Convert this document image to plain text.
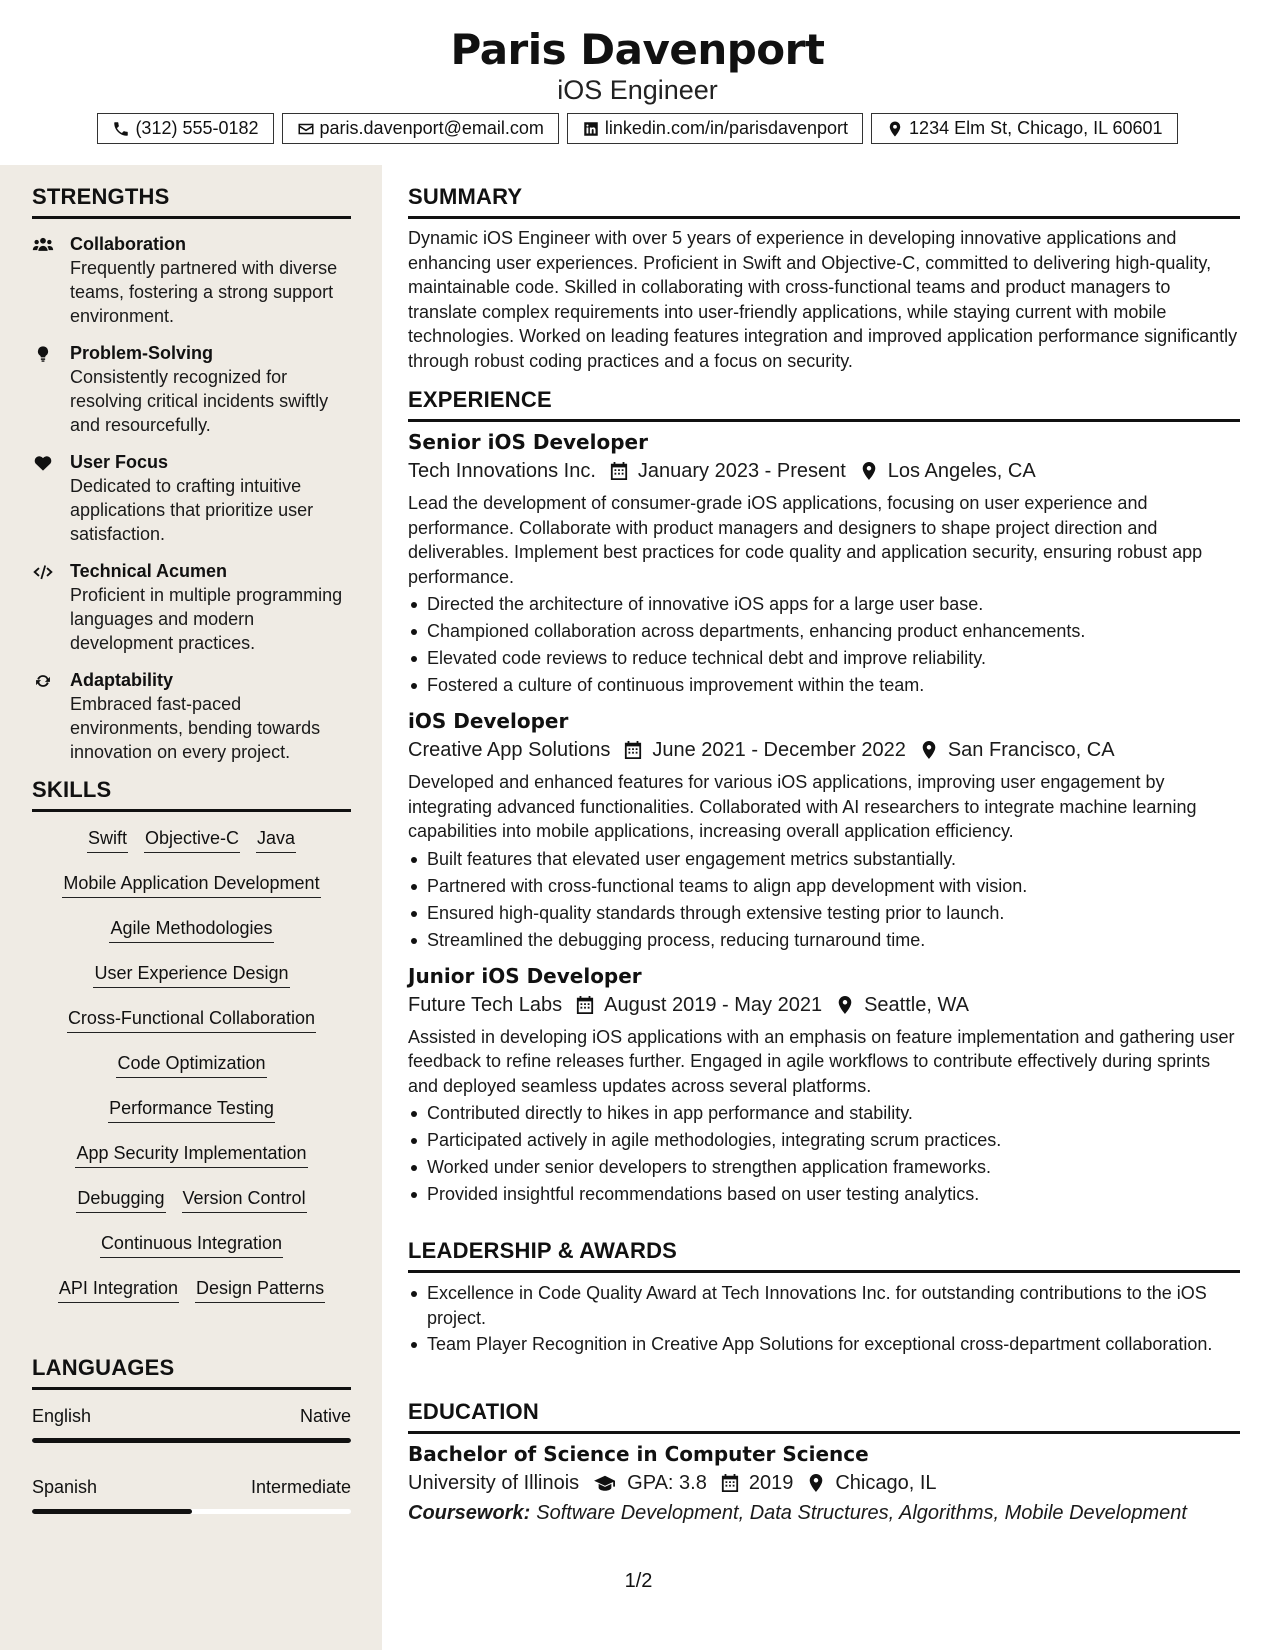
Paris Davenport
iOS Engineer
(312) 555-0182	paris.davenport@email.com	linkedin.com/in/parisdavenport	1234 Elm St, Chicago, IL 60601
STRENGTHS
Collaboration
Frequently partnered with diverse teams, fostering a strong support environment.
Problem-Solving
Consistently recognized for resolving critical incidents swiftly and resourcefully.
User Focus
Dedicated to crafting intuitive applications that prioritize user satisfaction.
Technical Acumen
Proficient in multiple programming languages and modern development practices.
Adaptability
Embraced fast-paced environments, bending towards innovation on every project.
SKILLS
Swift Objective-C Java
Mobile Application Development
Agile Methodologies
User Experience Design
Cross-Functional Collaboration
Code Optimization
Performance Testing
App Security Implementation
Debugging Version Control
Continuous Integration
API Integration Design Patterns
LANGUAGES
English	Native
Spanish	Intermediate
SUMMARY
Dynamic iOS Engineer with over 5 years of experience in developing innovative applications and enhancing user experiences. Proficient in Swift and Objective-C, committed to delivering high-quality, maintainable code. Skilled in collaborating with cross-functional teams and product managers to translate complex requirements into user-friendly applications, while staying current with mobile technologies. Worked on leading features integration and improved application performance significantly through robust coding practices and a focus on security.
EXPERIENCE
Senior iOS Developer
Tech Innovations Inc. January 2023 - Present Los Angeles, CA
Lead the development of consumer-grade iOS applications, focusing on user experience and performance. Collaborate with product managers and designers to shape project direction and deliverables. Implement best practices for code quality and application security, ensuring robust app performance.
Directed the architecture of innovative iOS apps for a large user base.
Championed collaboration across departments, enhancing product enhancements.
Elevated code reviews to reduce technical debt and improve reliability.
Fostered a culture of continuous improvement within the team.
iOS Developer
Creative App Solutions June 2021 - December 2022 San Francisco, CA
Developed and enhanced features for various iOS applications, improving user engagement by integrating advanced functionalities. Collaborated with AI researchers to integrate machine learning capabilities into mobile applications, increasing overall application efficiency.
Built features that elevated user engagement metrics substantially.
Partnered with cross-functional teams to align app development with vision.
Ensured high-quality standards through extensive testing prior to launch.
Streamlined the debugging process, reducing turnaround time.
Junior iOS Developer
Future Tech Labs August 2019 - May 2021 Seattle, WA
Assisted in developing iOS applications with an emphasis on feature implementation and gathering user feedback to refine releases further. Engaged in agile workflows to contribute effectively during sprints and deployed seamless updates across several platforms.
Contributed directly to hikes in app performance and stability.
Participated actively in agile methodologies, integrating scrum practices.
Worked under senior developers to strengthen application frameworks.
Provided insightful recommendations based on user testing analytics.
LEADERSHIP & AWARDS
Excellence in Code Quality Award at Tech Innovations Inc. for outstanding contributions to the iOS project.
Team Player Recognition in Creative App Solutions for exceptional cross-department collaboration.
EDUCATION
Bachelor of Science in Computer Science
University of Illinois GPA: 3.8 2019 Chicago, IL
Coursework: Software Development, Data Structures, Algorithms, Mobile Development
1/2
